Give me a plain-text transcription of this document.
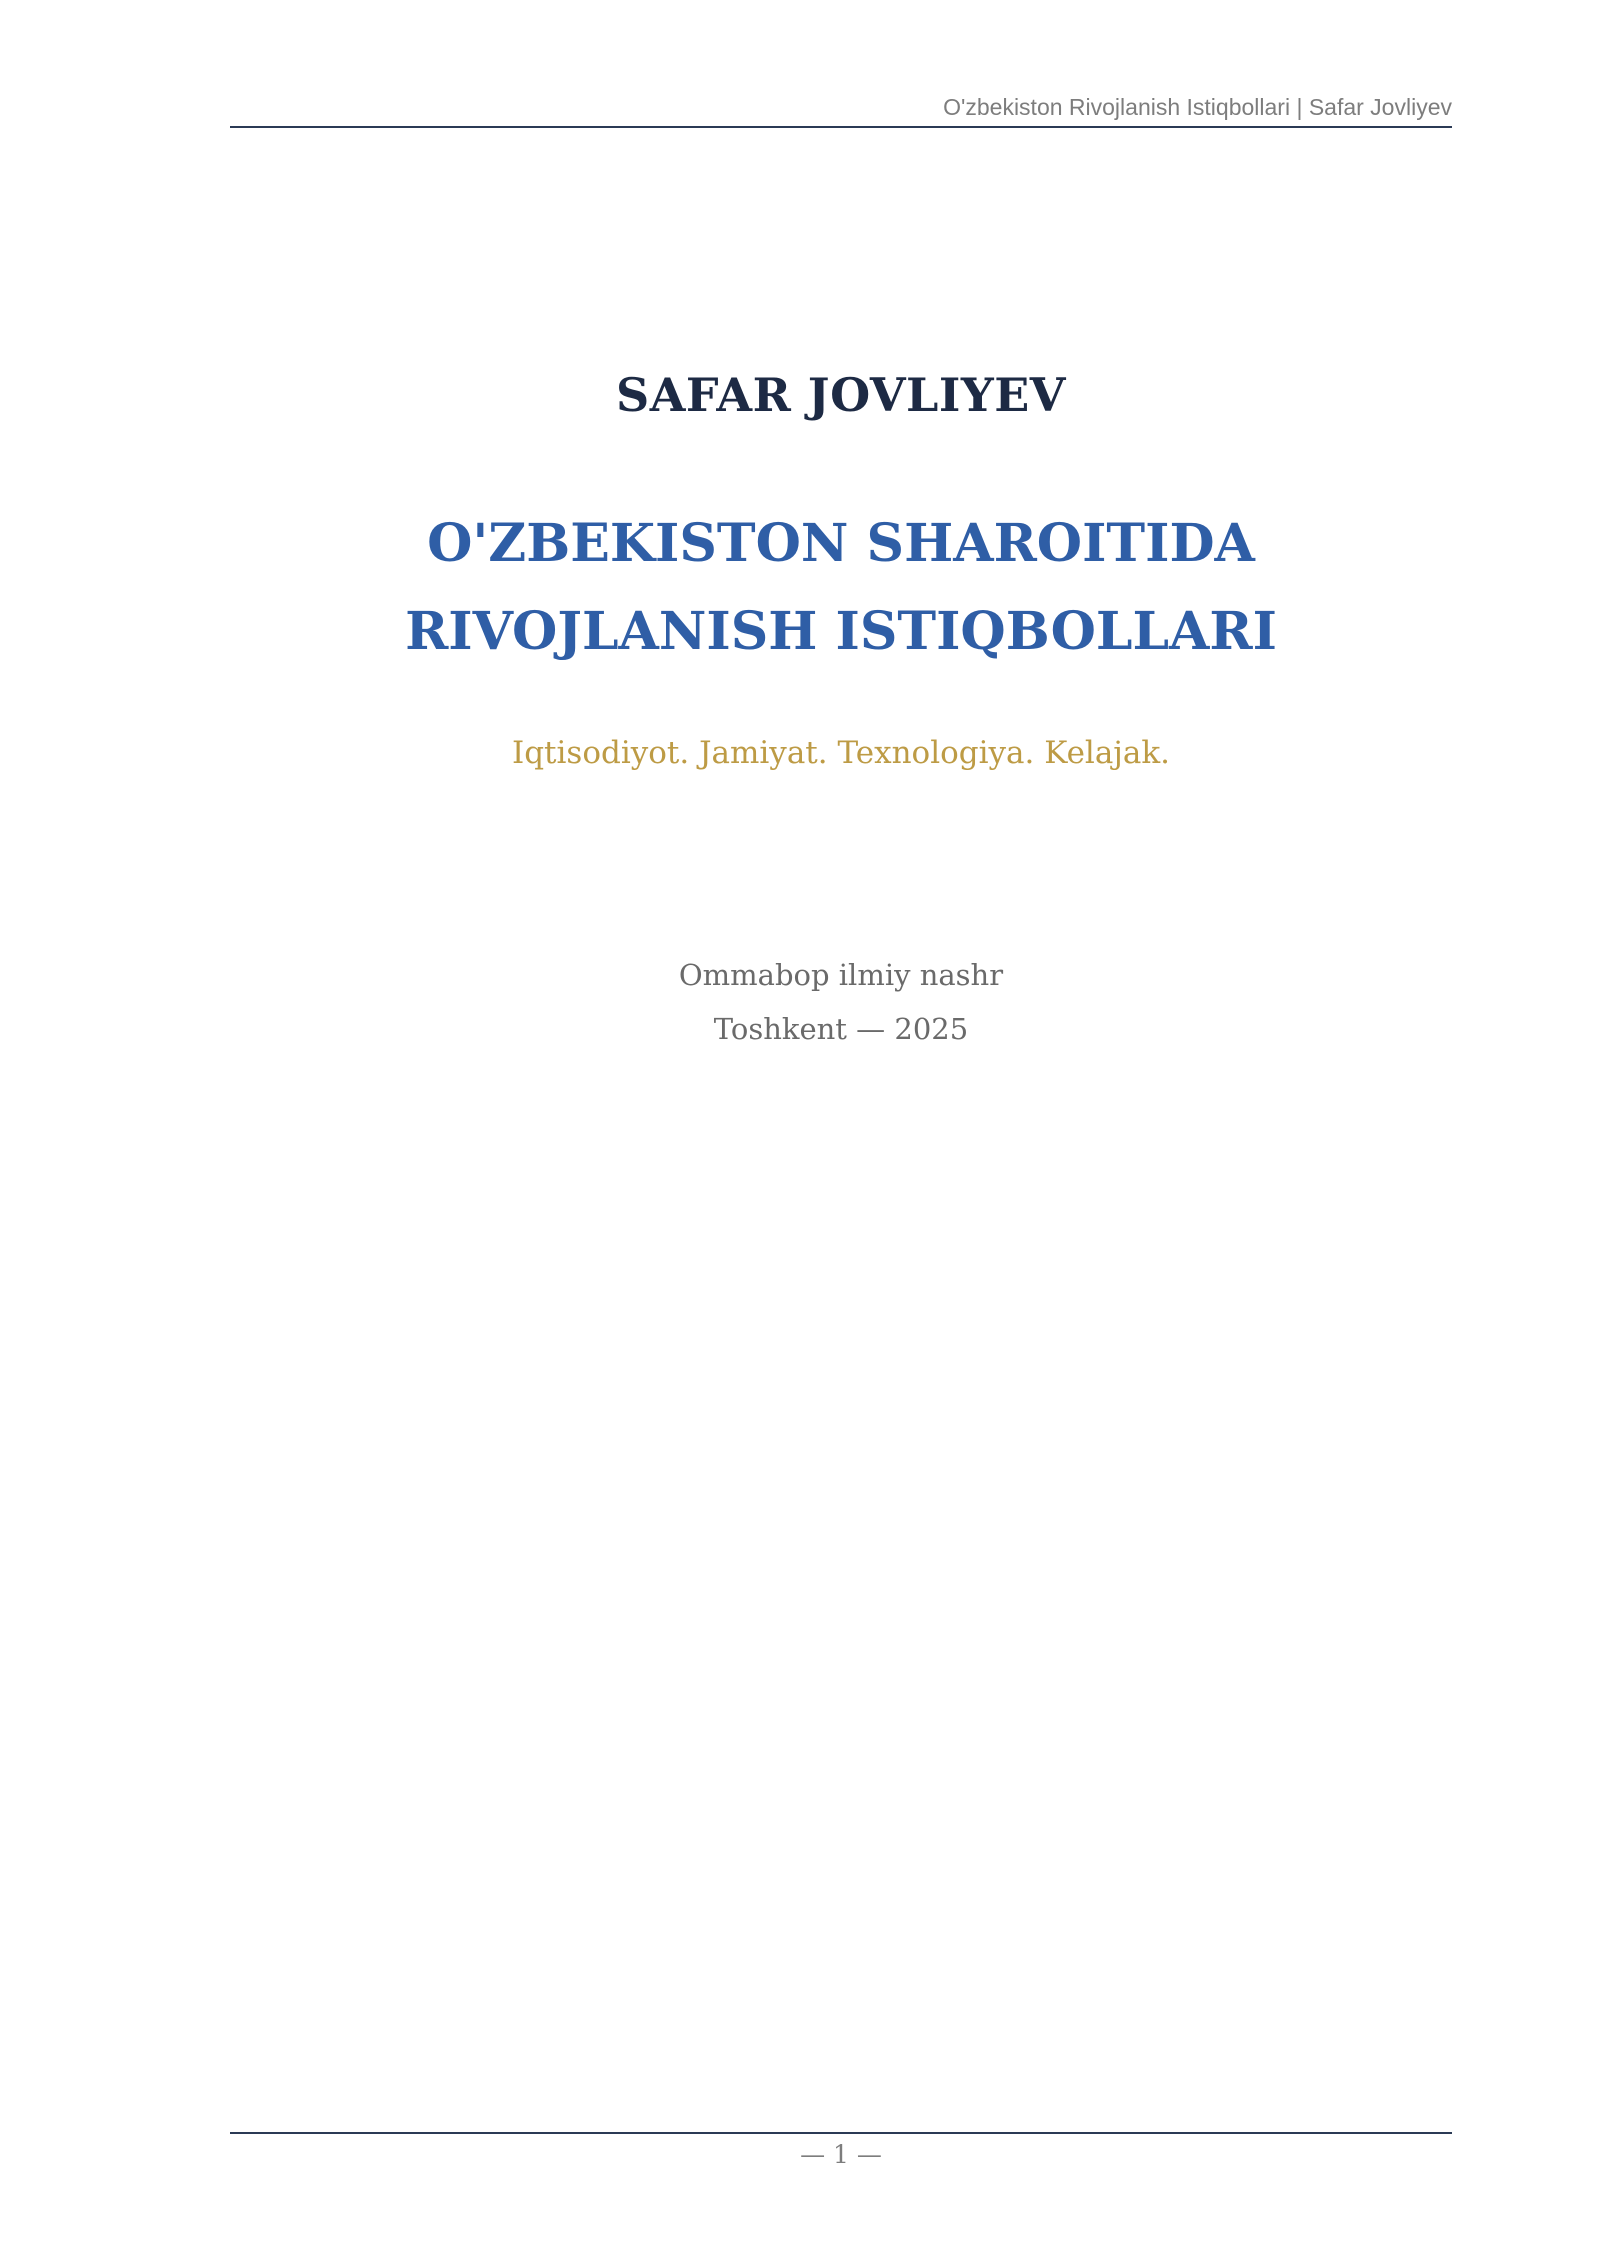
O'zbekiston Rivojlanish Istiqbollari | Safar Jovliyev
SAFAR JOVLIYEV
O'ZBEKISTON SHAROITIDA
RIVOJLANISH ISTIQBOLLARI
Iqtisodiyot. Jamiyat. Texnologiya. Kelajak.
Ommabop ilmiy nashr
Toshkent — 2025
— 1 —
